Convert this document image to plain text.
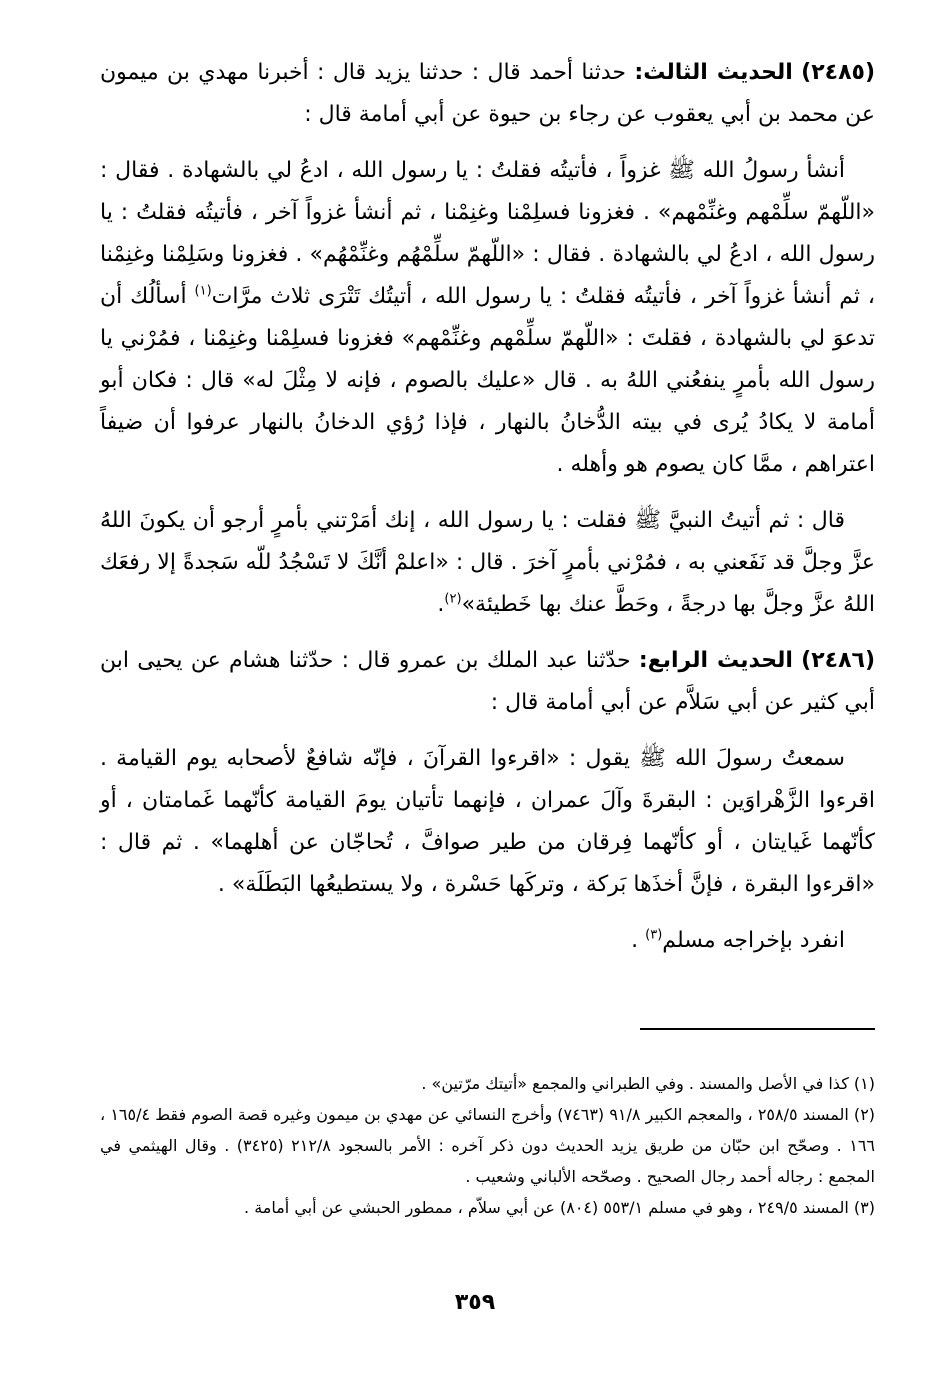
(٢٤٨٥) الحديث الثالث: حدثنا أحمد قال : حدثنا يزيد قال : أخبرنا مهدي بن ميمون عن محمد بن أبي يعقوب عن رجاء بن حيوة عن أبي أمامة قال :

أنشأ رسولُ الله ﷺ غزواً ، فأتيتُه فقلتُ : يا رسول الله ، ادعُ لي بالشهادة . فقال : «اللّهمّ سلِّمْهم وغنِّمْهم» . فغزونا فسلِمْنا وغنِمْنا ، ثم أنشأ غزواً آخر ، فأتيتُه فقلتُ : يا رسول الله ، ادعُ لي بالشهادة . فقال : «اللّهمّ سلِّمْهُم وغنِّمْهُم» . فغزونا وسَلِمْنا وغنِمْنا ، ثم أنشأ غزواً آخر ، فأتيتُه فقلتُ : يا رسول الله ، أتيتُك تَتْرَى ثلاث مرَّات$^{(١)}$ أسألُك أن تدعوَ لي بالشهادة ، فقلتَ : «اللّهمّ سلِّمْهم وغنِّمْهم» فغزونا فسلِمْنا وغنِمْنا ، فمُرْني يا رسول الله بأمرٍ ينفعُني اللهُ به . قال «عليك بالصوم ، فإنه لا مِثْلَ له» قال : فكان أبو أمامة لا يكادُ يُرى في بيته الدُّخانُ بالنهار ، فإذا رُؤي الدخانُ بالنهار عرفوا أن ضيفاً اعتراهم ، ممَّا كان يصوم هو وأهله .

قال : ثم أتيتُ النبيَّ ﷺ فقلت : يا رسول الله ، إنك أمَرْتني بأمرٍ أرجو أن يكونَ اللهُ عزَّ وجلَّ قد نَفَعني به ، فمُرْني بأمرٍ آخرَ . قال : «اعلمْ أنَّكَ لا تَسْجُدُ للّه سَجدةً إلا رفعَك اللهُ عزَّ وجلَّ بها درجةً ، وحَطَّ عنك بها خَطيئة»$^{(٢)}$.

(٢٤٨٦) الحديث الرابع: حدّثنا عبد الملك بن عمرو قال : حدّثنا هشام عن يحيى ابن أبي كثير عن أبي سَلاَّم عن أبي أمامة قال :

سمعتُ رسولَ الله ﷺ يقول : «اقرءوا القرآنَ ، فإنّه شافعٌ لأصحابه يوم القيامة . اقرءوا الزَّهْراوَين : البقرةَ وآلَ عمران ، فإنهما تأتيان يومَ القيامة كأنّهما غَمامتان ، أو كأنّهما غَيايتان ، أو كأنّهما فِرقان من طير صوافَّ ، تُحاجّان عن أهلهما» . ثم قال : «اقرءوا البقرة ، فإنَّ أخذَها بَركة ، وتركَها حَسْرة ، ولا يستطيعُها البَطَلَة» .

انفرد بإخراجه مسلم$^{(٣)}$ .

(١) كذا في الأصل والمسند . وفي الطبراني والمجمع «أتيتك مرّتين» .

(٢) المسند ٢٥٨/٥ ، والمعجم الكبير ٩١/٨ (٧٤٦٣) وأخرج النسائي عن مهدي بن ميمون وغيره قصة الصوم فقط ١٦٥/٤ ، ١٦٦ . وصحّح ابن حبّان من طريق يزيد الحديث دون ذكر آخره : الأمر بالسجود ٢١٢/٨ (٣٤٢٥) . وقال الهيثمي في المجمع : رجاله أحمد رجال الصحيح . وصحّحه الألباني وشعيب .

(٣) المسند ٢٤٩/٥ ، وهو في مسلم ٥٥٣/١ (٨٠٤) عن أبي سلاّم ، ممطور الحبشي عن أبي أمامة .

٣٥٩
